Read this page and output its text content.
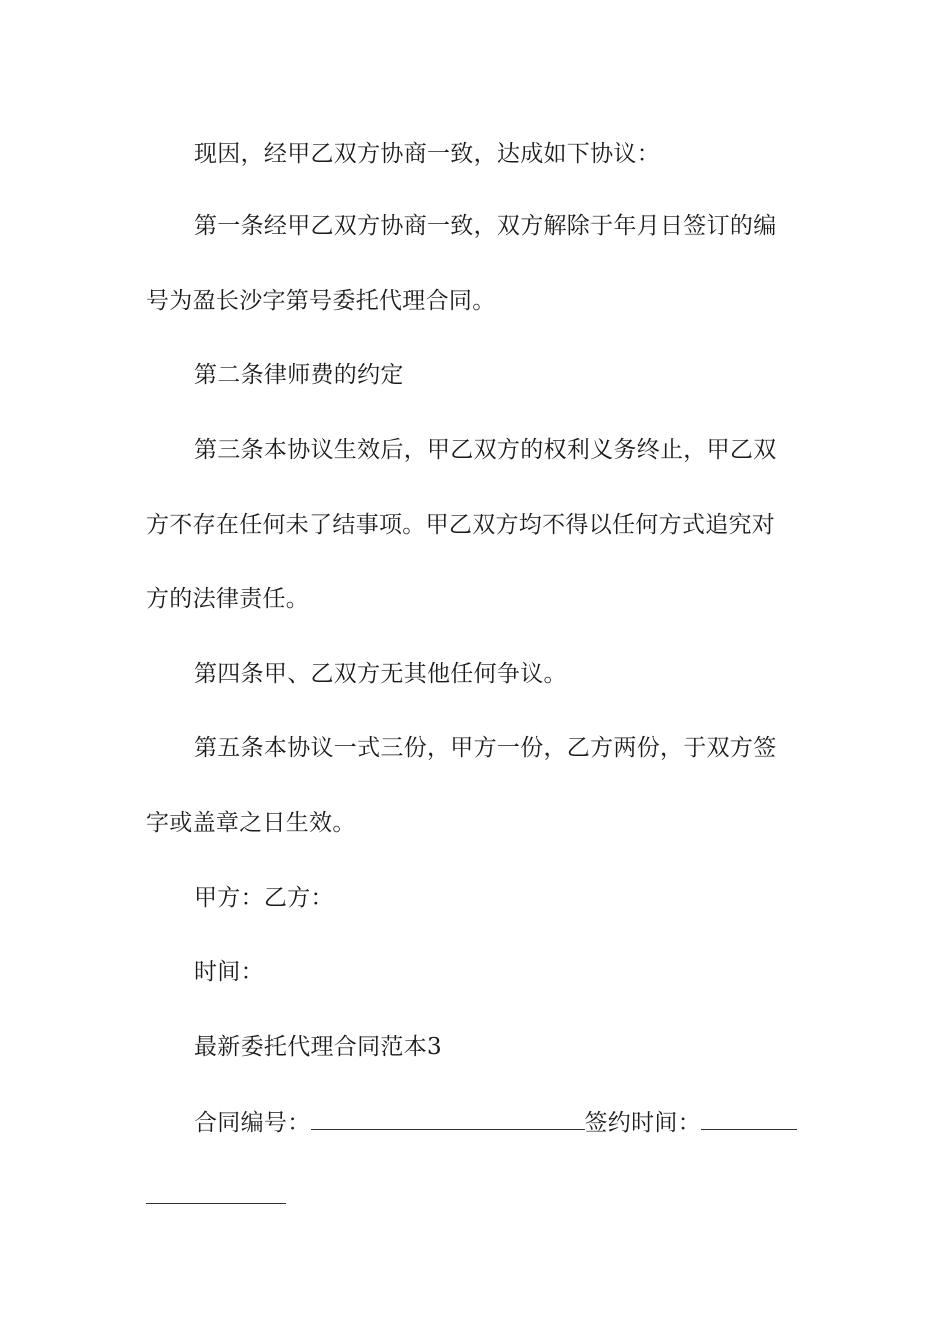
现因，经甲乙双方协商一致，达成如下协议：
第一条经甲乙双方协商一致，双方解除于年月日签订的编
号为盈长沙字第号委托代理合同。
第二条律师费的约定
第三条本协议生效后，甲乙双方的权利义务终止，甲乙双
方不存在任何未了结事项。甲乙双方均不得以任何方式追究对
方的法律责任。
第四条甲、乙双方无其他任何争议。
第五条本协议一式三份，甲方一份，乙方两份，于双方签
字或盖章之日生效。
甲方：乙方：
时间：
最新委托代理合同范本3
合同编号：	签约时间：
